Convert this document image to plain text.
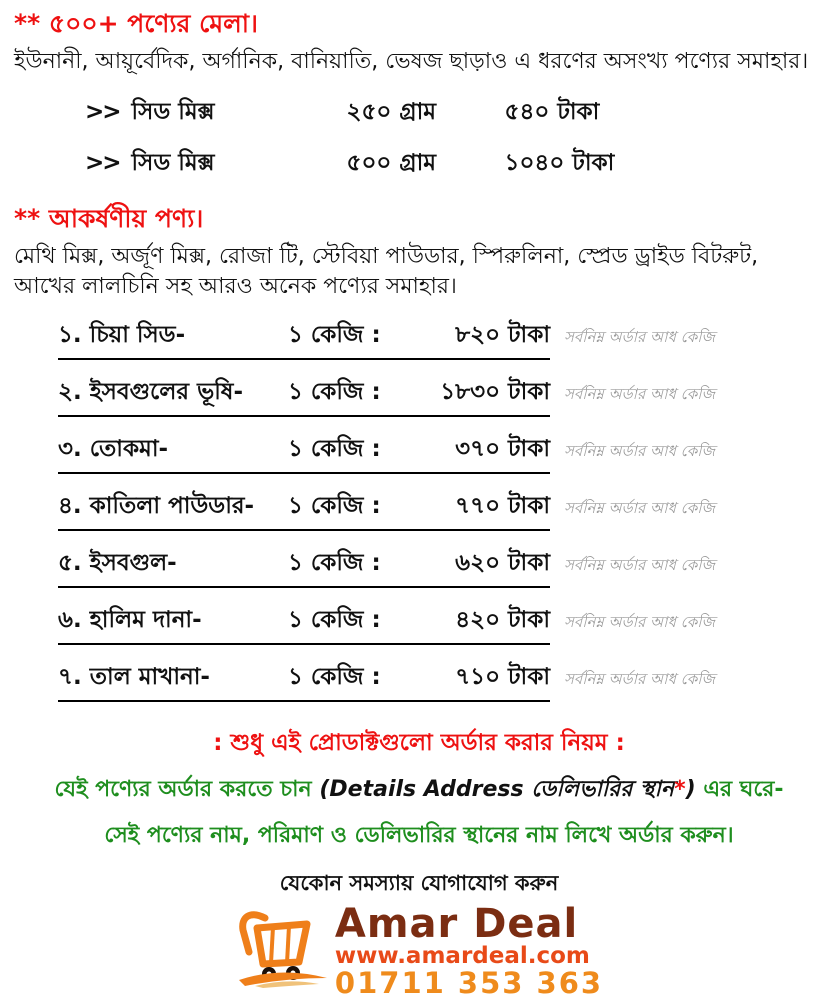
** ৫০০+ পণ্যের মেলা।
ইউনানী, আয়ূর্বেদিক, অর্গানিক, বানিয়াতি, ভেষজ ছাড়াও এ ধরণের অসংখ্য পণ্যের সমাহার।
>> সিড মিক্স	২৫০ গ্রাম	৫৪০ টাকা
>> সিড মিক্স	৫০০ গ্রাম	১০৪০ টাকা
** আকর্ষণীয় পণ্য।
মেথি মিক্স, অর্জূণ মিক্স, রোজা টি, স্টেবিয়া পাউডার, স্পিরুলিনা, স্প্রেড ড্রাইড বিটরুট, আখের লালচিনি সহ আরও অনেক পণ্যের সমাহার।
১. চিয়া সিড-	১ কেজি :	৮২০ টাকা সর্বনিম্ন অর্ডার আধ কেজি
২. ইসবগুলের ভূষি-	১ কেজি :	১৮৩০ টাকা সর্বনিম্ন অর্ডার আধ কেজি
৩. তোকমা-	১ কেজি :	৩৭০ টাকা সর্বনিম্ন অর্ডার আধ কেজি
৪. কাতিলা পাউডার-	১ কেজি :	৭৭০ টাকা সর্বনিম্ন অর্ডার আধ কেজি
৫. ইসবগুল-	১ কেজি :	৬২০ টাকা সর্বনিম্ন অর্ডার আধ কেজি
৬. হালিম দানা-	১ কেজি :	৪২০ টাকা সর্বনিম্ন অর্ডার আধ কেজি
৭. তাল মাখানা-	১ কেজি :	৭১০ টাকা সর্বনিম্ন অর্ডার আধ কেজি
: শুধু এই প্রোডাক্টগুলো অর্ডার করার নিয়ম :
যেই পণ্যের অর্ডার করতে চান (Details Address ডেলিভারির স্থান*) এর ঘরে-
সেই পণ্যের নাম, পরিমাণ ও ডেলিভারির স্থানের নাম লিখে অর্ডার করুন।
যেকোন সমস্যায় যোগাযোগ করুন
Amar Deal
www.amardeal.com
01711 353 363
